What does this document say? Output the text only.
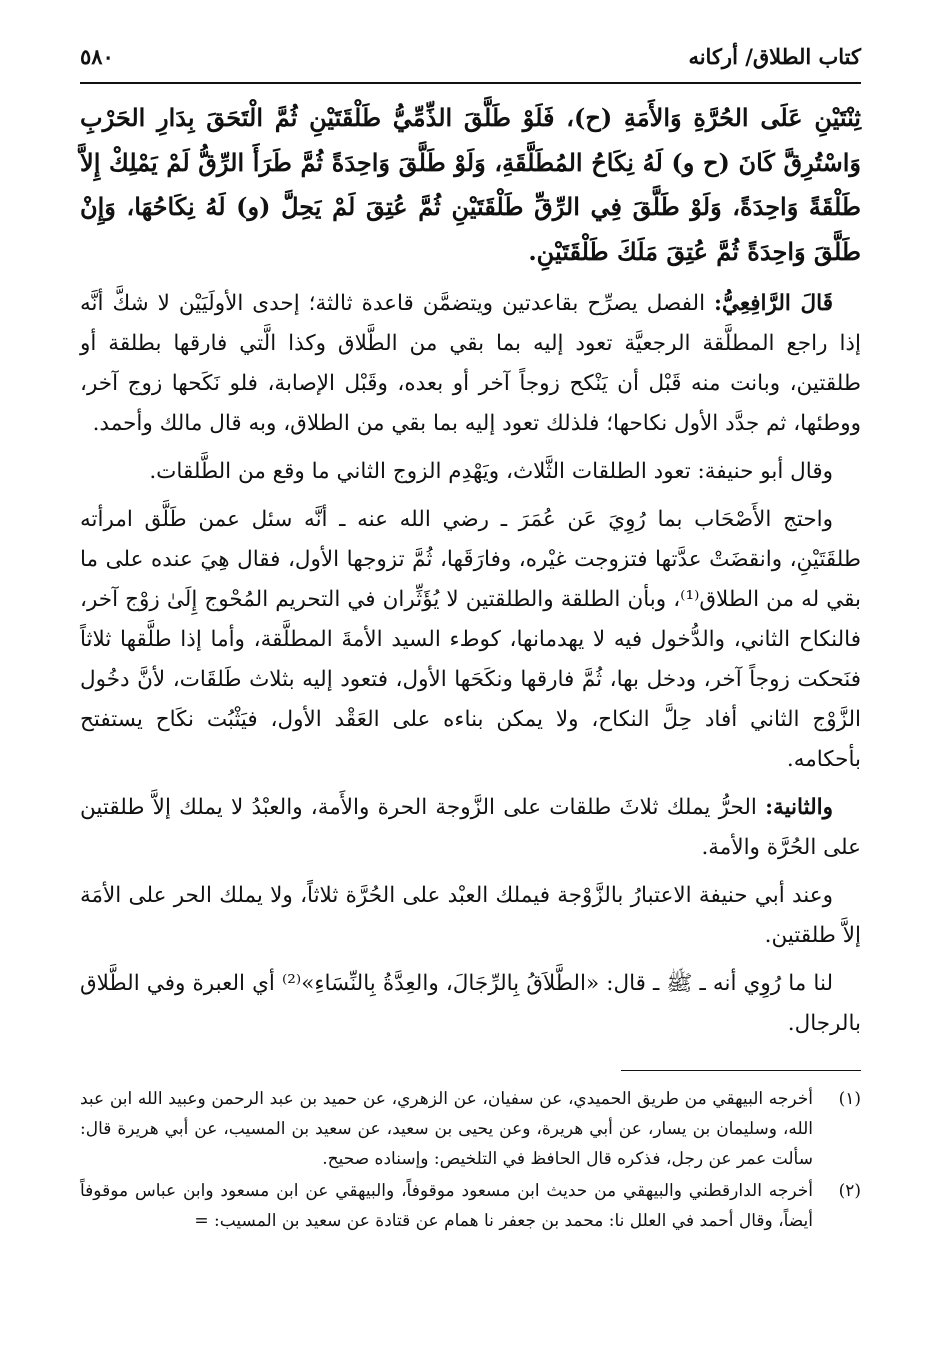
كتاب الطلاق/ أركانه
٥٨٠

ثِنْتَيْنِ عَلَى الحُرَّةِ وَالأَمَةِ (ح)، فَلَوْ طَلَّقَ الذِّمِّيُّ طَلْقَتَيْنِ ثُمَّ الْتَحَقَ بِدَارِ الحَرْبِ وَاسْتُرِقَّ كَانَ (ح و) لَهُ نِكَاحُ المُطَلَّقَةِ، وَلَوْ طَلَّقَ وَاحِدَةً ثُمَّ طَرَأَ الرِّقُّ لَمْ يَمْلِكْ إِلاَّ طَلْقَةً وَاحِدَةً، وَلَوْ طَلَّقَ فِي الرِّقِّ طَلْقَتَيْنِ ثُمَّ عُتِقَ لَمْ يَحِلَّ (و) لَهُ نِكَاحُهَا، وَإِنْ طَلَّقَ وَاحِدَةً ثُمَّ عُتِقَ مَلَكَ طَلْقَتَيْنِ.

قَالَ الرَّافِعِيُّ: الفصل يصرِّح بقاعدتين ويتضمَّن قاعدة ثالثة؛ إحدى الأولَيَيْن لا شكَّ أنَّه إذا راجع المطلَّقة الرجعيَّة تعود إليه بما بقي من الطَّلاق وكذا الَّتي فارقها بطلقة أو طلقتين، وبانت منه قَبْل أن يَنْكح زوجاً آخر أو بعده، وقَبْل الإصابة، فلو نَكَحها زوج آخر، ووطئها، ثم جدَّد الأول نكاحها؛ فلذلك تعود إليه بما بقي من الطلاق، وبه قال مالك وأحمد.

وقال أبو حنيفة: تعود الطلقات الثَّلاث، ويَهْدِم الزوج الثاني ما وقع من الطَّلقات.

واحتج الأَصْحَاب بما رُوِيَ عَن عُمَرَ ـ رضي الله عنه ـ أنَّه سئل عمن طَلَّق امرأته طلقَتَيْنِ، وانقضَتْ عدَّتها فتزوجت غيْره، وفارَقَها، ثُمَّ تزوجها الأول، فقال هِيَ عنده على ما بقي له من الطلاق⁽¹⁾، وبأن الطلقة والطلقتين لا يُؤَثِّران في التحريم المُحْوج إِلَىٰ زوْج آخر، فالنكاح الثاني، والدُّخول فيه لا يهدمانها، كوطء السيد الأمةَ المطلَّقة، وأما إذا طلَّقها ثلاثاً فنَحكت زوجاً آخر، ودخل بها، ثُمَّ فارقها ونكَحَها الأول، فتعود إليه بثلاث طَلقَات، لأنَّ دخُول الزَّوْج الثاني أفاد حِلَّ النكاح، ولا يمكن بناءه على العَقْد الأول، فيَثْبُت نكَاح يستفتح بأحكامه.

والثانية: الحرُّ يملك ثلاثَ طلقات على الزَّوجة الحرة والأَمة، والعبْدُ لا يملك إلاَّ طلقتين على الحُرَّة والأمة.

وعند أبي حنيفة الاعتبارُ بالزَّوْجة فيملك العبْد على الحُرَّة ثلاثاً، ولا يملك الحر على الأمَة إلاَّ طلقتين.

لنا ما رُوِي أنه ـ ﷺ ـ قال: «الطَّلاَقُ بِالرِّجَالَ، والعِدَّةُ بِالنِّسَاءِ»⁽²⁾ أي العبرة وفي الطَّلاق بالرجال.

(١)
أخرجه البيهقي من طريق الحميدي، عن سفيان، عن الزهري، عن حميد بن عبد الرحمن وعبيد الله ابن عبد الله، وسليمان بن يسار، عن أبي هريرة، وعن يحيى بن سعيد، عن سعيد بن المسيب، عن أبي هريرة قال: سألت عمر عن رجل، فذكره قال الحافظ في التلخيص: وإسناده صحيح.
(٢)
أخرجه الدارقطني والبيهقي من حديث ابن مسعود موقوفاً، والبيهقي عن ابن مسعود وابن عباس موقوفاً أيضاً، وقال أحمد في العلل نا: محمد بن جعفر نا همام عن قتادة عن سعيد بن المسيب: =
